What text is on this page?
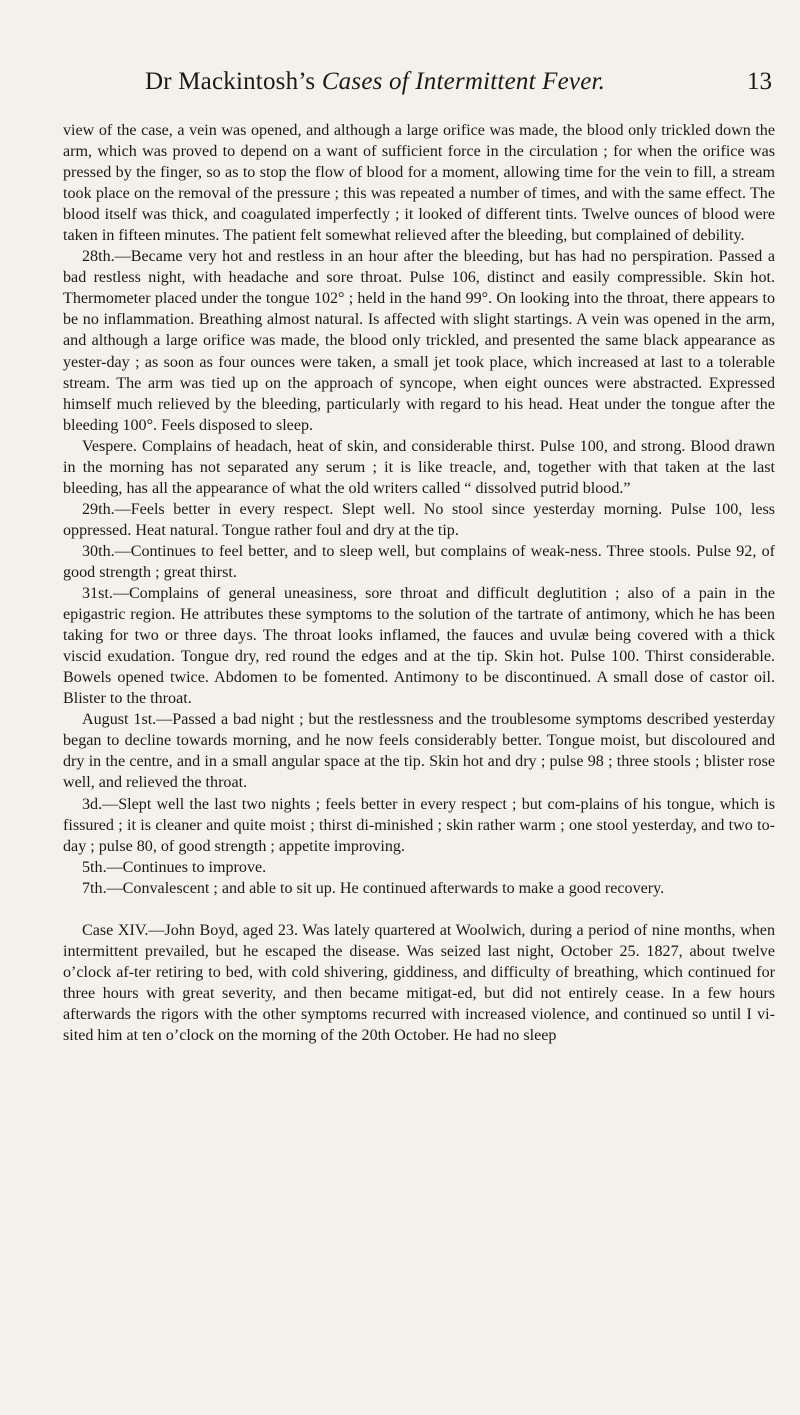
Dr Mackintosh’s Cases of Intermittent Fever.	13

view of the case, a vein was opened, and although a large orifice was made, the blood only trickled down the arm, which was proved to depend on a want of sufficient force in the circulation ; for when the orifice was pressed by the finger, so as to stop the flow of blood for a moment, allowing time for the vein to fill, a stream took place on the removal of the pressure ; this was repeated a number of times, and with the same effect. The blood itself was thick, and coagulated imperfectly ; it looked of different tints. Twelve ounces of blood were taken in fifteen minutes. The patient felt somewhat relieved after the bleeding, but complained of debility.

28th.—Became very hot and restless in an hour after the bleeding, but has had no perspiration. Passed a bad restless night, with headache and sore throat. Pulse 106, distinct and easily compressible. Skin hot. Thermometer placed under the tongue 102° ; held in the hand 99°. On looking into the throat, there appears to be no inflammation. Breathing almost natural. Is affected with slight startings. A vein was opened in the arm, and although a large orifice was made, the blood only trickled, and presented the same black appearance as yester-day ; as soon as four ounces were taken, a small jet took place, which increased at last to a tolerable stream. The arm was tied up on the approach of syncope, when eight ounces were abstracted. Expressed himself much relieved by the bleeding, particularly with regard to his head. Heat under the tongue after the bleeding 100°. Feels disposed to sleep.

Vespere. Complains of headach, heat of skin, and considerable thirst. Pulse 100, and strong. Blood drawn in the morning has not separated any serum ; it is like treacle, and, together with that taken at the last bleeding, has all the appearance of what the old writers called “ dissolved putrid blood.”

29th.—Feels better in every respect. Slept well. No stool since yesterday morning. Pulse 100, less oppressed. Heat natural. Tongue rather foul and dry at the tip.

30th.—Continues to feel better, and to sleep well, but complains of weak-ness. Three stools. Pulse 92, of good strength ; great thirst.

31st.—Complains of general uneasiness, sore throat and difficult deglutition ; also of a pain in the epigastric region. He attributes these symptoms to the solution of the tartrate of antimony, which he has been taking for two or three days. The throat looks inflamed, the fauces and uvulæ being covered with a thick viscid exudation. Tongue dry, red round the edges and at the tip. Skin hot. Pulse 100. Thirst considerable. Bowels opened twice. Abdomen to be fomented. Antimony to be discontinued. A small dose of castor oil. Blister to the throat.

August 1st.—Passed a bad night ; but the restlessness and the troublesome symptoms described yesterday began to decline towards morning, and he now feels considerably better. Tongue moist, but discoloured and dry in the centre, and in a small angular space at the tip. Skin hot and dry ; pulse 98 ; three stools ; blister rose well, and relieved the throat.

3d.—Slept well the last two nights ; feels better in every respect ; but com-plains of his tongue, which is fissured ; it is cleaner and quite moist ; thirst di-minished ; skin rather warm ; one stool yesterday, and two to-day ; pulse 80, of good strength ; appetite improving.

5th.—Continues to improve.

7th.—Convalescent ; and able to sit up. He continued afterwards to make a good recovery.

Case XIV.—John Boyd, aged 23. Was lately quartered at Woolwich, during a period of nine months, when intermittent prevailed, but he escaped the disease. Was seized last night, October 25. 1827, about twelve o’clock af-ter retiring to bed, with cold shivering, giddiness, and difficulty of breathing, which continued for three hours with great severity, and then became mitigat-ed, but did not entirely cease. In a few hours afterwards the rigors with the other symptoms recurred with increased violence, and continued so until I vi-sited him at ten o’clock on the morning of the 20th October. He had no sleep
